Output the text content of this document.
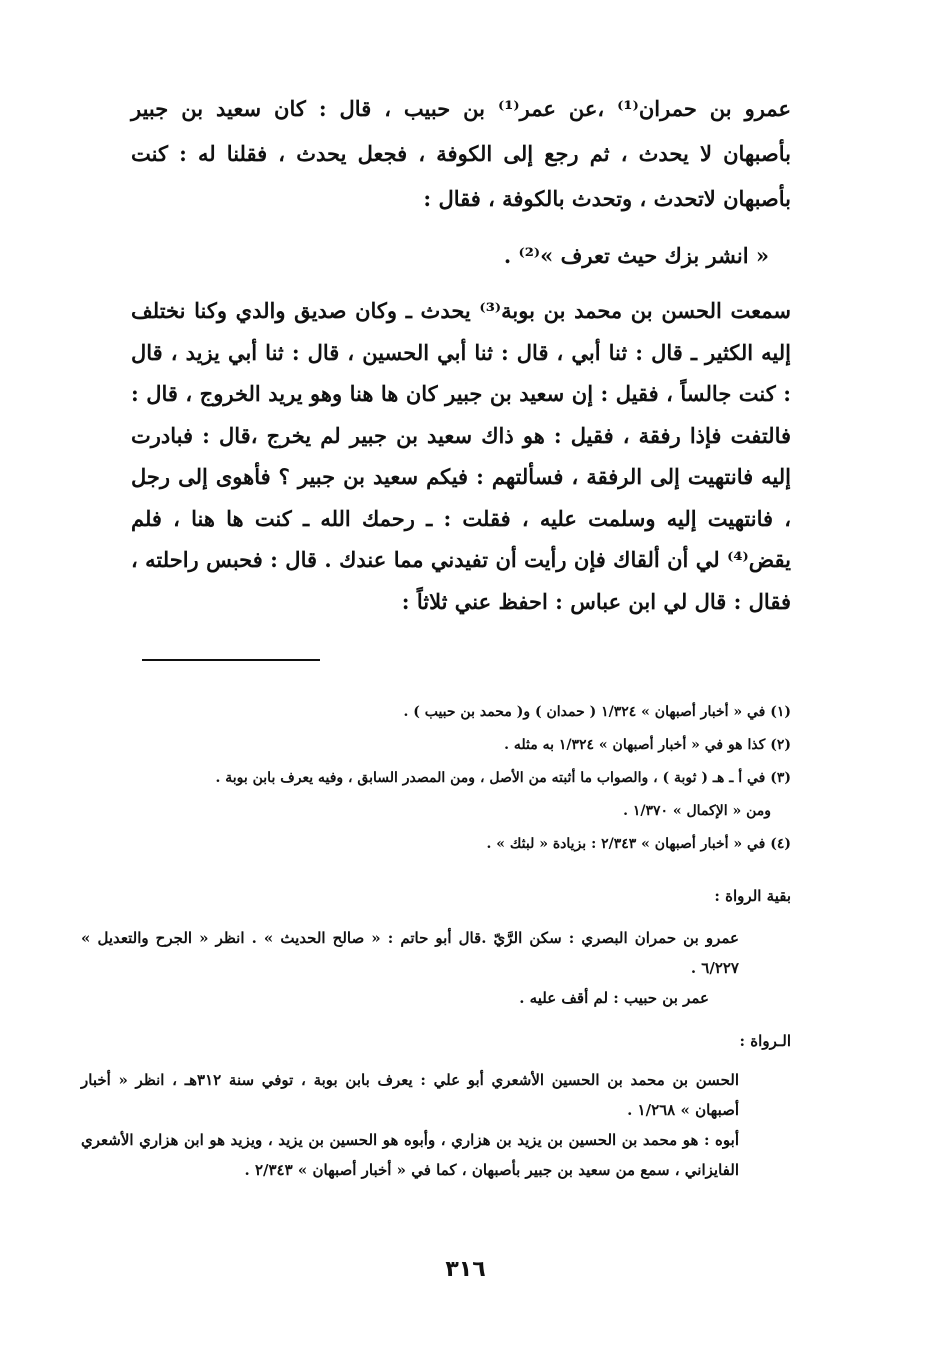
عمرو بن حمران⁽¹⁾ ،عن عمر⁽¹⁾ بن حبيب ، قال : كان سعيد بن جبير بأصبهان لا يحدث ، ثم رجع إلى الكوفة ، فجعل يحدث ، فقلنا له : كنت بأصبهان لاتحدث ، وتحدث بالكوفة ، فقال :

« انشر بزك حيث تعرف »⁽²⁾ .

سمعت الحسن بن محمد بن بوبة⁽³⁾ يحدث ـ وكان صديق والدي وكنا نختلف إليه الكثير ـ قال : ثنا أبي ، قال : ثنا أبي الحسين ، قال : ثنا أبي يزيد ، قال : كنت جالساً ، فقيل : إن سعيد بن جبير كان ها هنا وهو يريد الخروج ، قال : فالتفت فإذا رفقة ، فقيل : هو ذاك سعيد بن جبير لم يخرج ،قال : فبادرت إليه فانتهيت إلى الرفقة ، فسألتهم : فيكم سعيد بن جبير ؟ فأهوى إلى رجل ، فانتهيت إليه وسلمت عليه ، فقلت : ـ رحمك الله ـ كنت ها هنا ، فلم يقض⁽⁴⁾ لي أن ألقاك فإن رأيت أن تفيدني مما عندك . قال : فحبس راحلته ، فقال : قال لي ابن عباس : احفظ عني ثلاثاً :

(١) في « أخبار أصبهان » ١/٣٢٤ ( حمدان ) و( محمد بن حبيب ) .

(٢) كذا هو في « أخبار أصبهان » ١/٣٢٤ به مثله .

(٣) في أ ـ هـ ( ثوبة ) ، والصواب ما أثبته من الأصل ، ومن المصدر السابق ، وفيه يعرف بابن بوبة .

ومن « الإكمال » ١/٣٧٠ .

(٤) في « أخبار أصبهان » ٢/٣٤٣ : بزيادة « لبثك » .

بقية الرواة :

عمرو بن حمران البصري : سكن الرَّيّ .قال أبو حاتم : « صالح الحديث » . انظر « الجرح والتعديل » ٦/٢٢٧ .

عمر بن حبيب : لم أقف عليه .

الـرواة :

الحسن بن محمد بن الحسين الأشعري أبو علي : يعرف بابن بوبة ، توفي سنة ٣١٢هـ ، انظر « أخبار أصبهان » ١/٢٦٨ .

أبوه : هو محمد بن الحسين بن يزيد بن هزاري ، وأبوه هو الحسين بن يزيد ، ويزيد هو ابن هزاري الأشعري الفايزاني ، سمع من سعيد بن جبير بأصبهان ، كما في « أخبار أصبهان » ٢/٣٤٣ .

٣١٦
